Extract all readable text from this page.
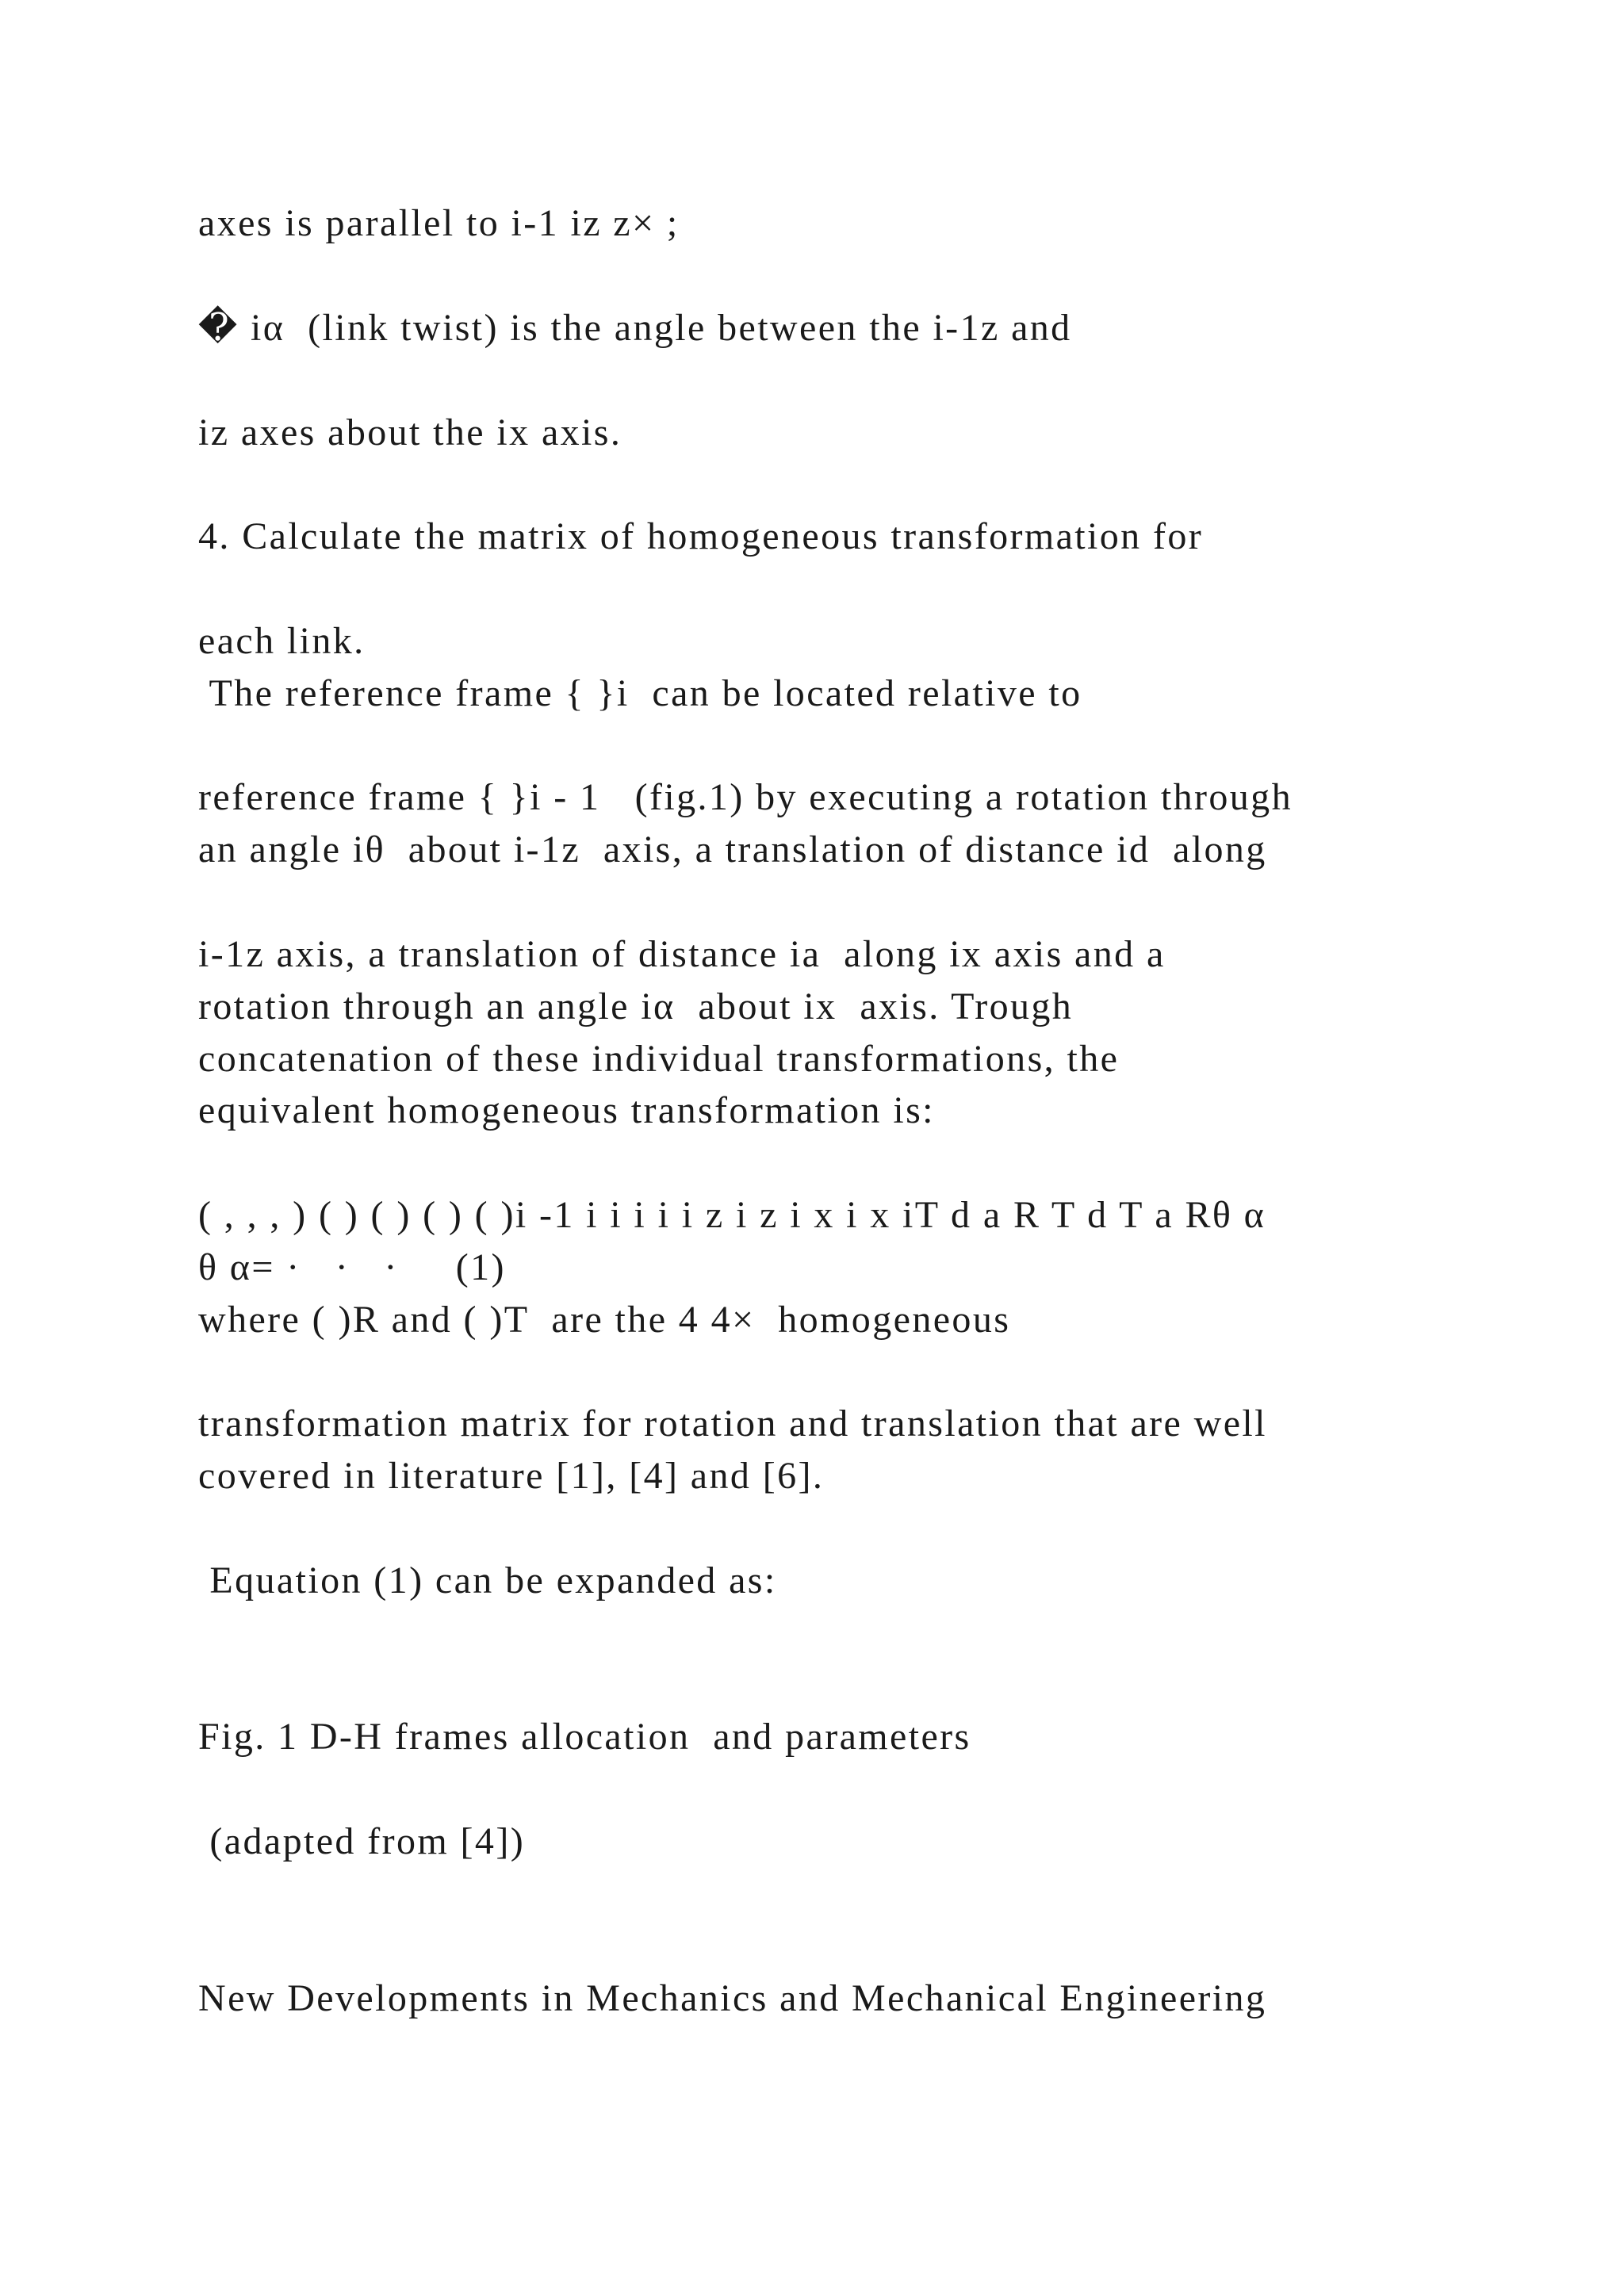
axes is parallel to i-1 iz z× ;

� iα  (link twist) is the angle between the i-1z and

iz axes about the ix axis.

4. Calculate the matrix of homogeneous transformation for

each link.

The reference frame { }i  can be located relative to

reference frame { }i - 1   (fig.1) by executing a rotation through

an angle iθ  about i-1z  axis, a translation of distance id  along

i-1z axis, a translation of distance ia  along ix axis and a

rotation through an angle iα  about ix  axis. Trough

concatenation of these individual transformations, the

equivalent homogeneous transformation is:

( , , , ) ( ) ( ) ( ) ( )i -1 i i i i i z i z i x i x iT d a R T d T a Rθ α

θ α= ·   ·   ·     (1)

where ( )R and ( )T  are the 4 4×  homogeneous

transformation matrix for rotation and translation that are well

covered in literature [1], [4] and [6].

Equation (1) can be expanded as:

Fig. 1 D-H frames allocation  and parameters

(adapted from [4])

New Developments in Mechanics and Mechanical Engineering
